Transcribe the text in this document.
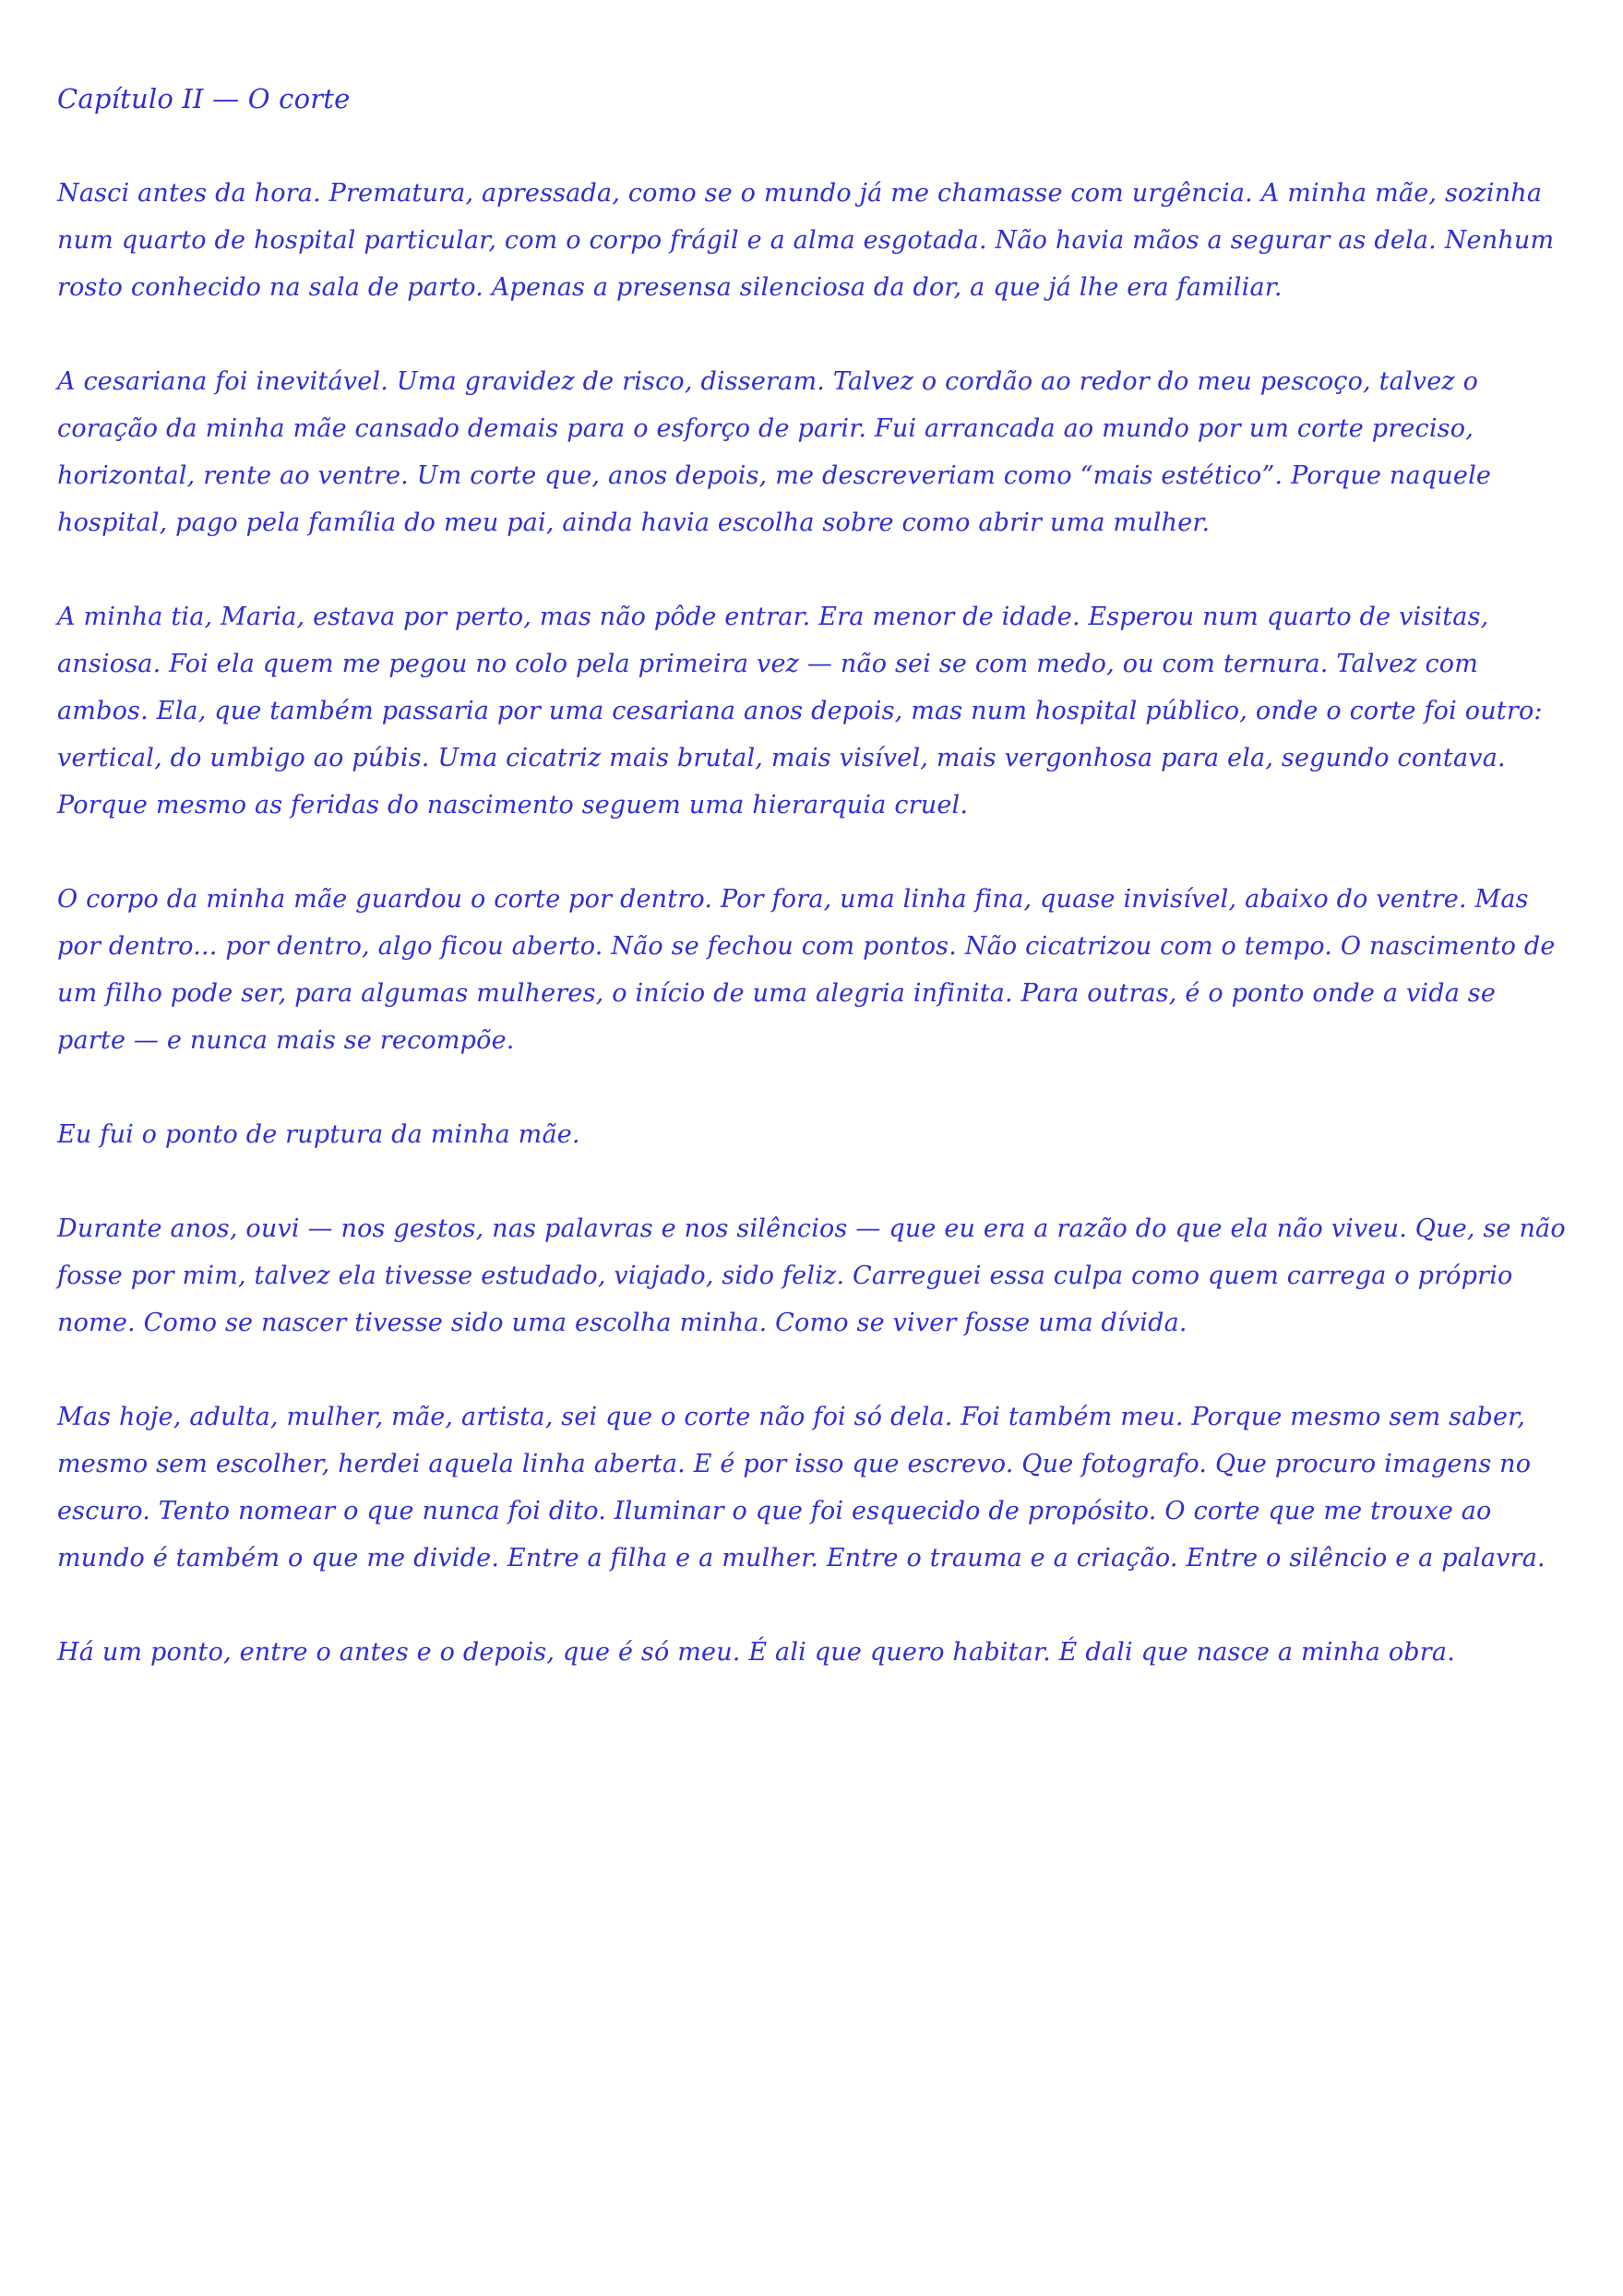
Capítulo II — O corte

Nasci antes da hora. Prematura, apressada, como se o mundo já me chamasse com urgência. A minha mãe, sozinha num quarto de hospital particular, com o corpo frágil e a alma esgotada. Não havia mãos a segurar as dela. Nenhum rosto conhecido na sala de parto. Apenas a presensa silenciosa da dor, a que já lhe era familiar.

A cesariana foi inevitável. Uma gravidez de risco, disseram. Talvez o cordão ao redor do meu pescoço, talvez o coração da minha mãe cansado demais para o esforço de parir. Fui arrancada ao mundo por um corte preciso, horizontal, rente ao ventre. Um corte que, anos depois, me descreveriam como “mais estético”. Porque naquele hospital, pago pela família do meu pai, ainda havia escolha sobre como abrir uma mulher.

A minha tia, Maria, estava por perto, mas não pôde entrar. Era menor de idade. Esperou num quarto de visitas, ansiosa. Foi ela quem me pegou no colo pela primeira vez — não sei se com medo, ou com ternura. Talvez com ambos. Ela, que também passaria por uma cesariana anos depois, mas num hospital público, onde o corte foi outro: vertical, do umbigo ao púbis. Uma cicatriz mais brutal, mais visível, mais vergonhosa para ela, segundo contava. Porque mesmo as feridas do nascimento seguem uma hierarquia cruel.

O corpo da minha mãe guardou o corte por dentro. Por fora, uma linha fina, quase invisível, abaixo do ventre. Mas por dentro... por dentro, algo ficou aberto. Não se fechou com pontos. Não cicatrizou com o tempo. O nascimento de um filho pode ser, para algumas mulheres, o início de uma alegria infinita. Para outras, é o ponto onde a vida se parte — e nunca mais se recompõe.

Eu fui o ponto de ruptura da minha mãe.

Durante anos, ouvi — nos gestos, nas palavras e nos silêncios — que eu era a razão do que ela não viveu. Que, se não fosse por mim, talvez ela tivesse estudado, viajado, sido feliz. Carreguei essa culpa como quem carrega o próprio nome. Como se nascer tivesse sido uma escolha minha. Como se viver fosse uma dívida.

Mas hoje, adulta, mulher, mãe, artista, sei que o corte não foi só dela. Foi também meu. Porque mesmo sem saber, mesmo sem escolher, herdei aquela linha aberta. E é por isso que escrevo. Que fotografo. Que procuro imagens no escuro. Tento nomear o que nunca foi dito. Iluminar o que foi esquecido de propósito. O corte que me trouxe ao mundo é também o que me divide. Entre a filha e a mulher. Entre o trauma e a criação. Entre o silêncio e a palavra.

Há um ponto, entre o antes e o depois, que é só meu. É ali que quero habitar. É dali que nasce a minha obra.
